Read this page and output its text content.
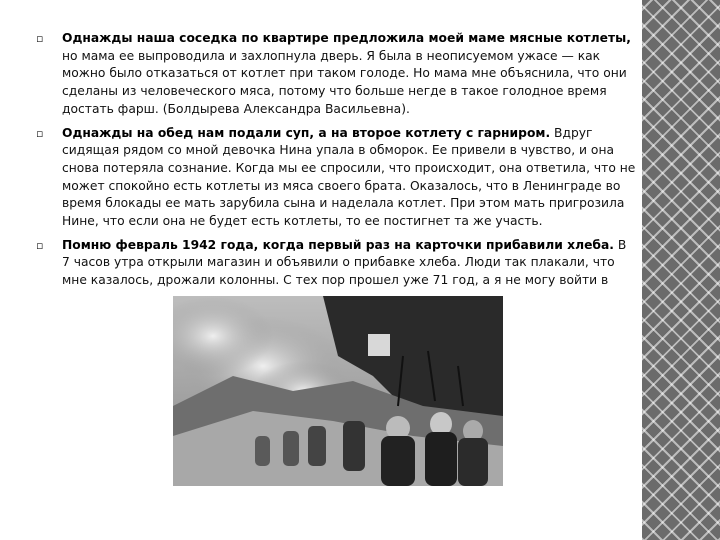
▫ Однажды наша соседка по квартире предложила моей маме мясные котлеты, но мама ее выпроводила и захлопнула дверь. Я была в неописуемом ужасе — как можно было отказаться от котлет при таком голоде. Но мама мне объяснила, что они сделаны из человеческого мяса, потому что больше негде в такое голодное время достать фарш. (Болдырева Александра Васильевна).
▫ Однажды на обед нам подали суп, а на второе котлету с гарниром. Вдруг сидящая рядом со мной девочка Нина упала в обморок. Ее привели в чувство, и она снова потеряла сознание. Когда мы ее спросили, что происходит, она ответила, что не может спокойно есть котлеты из мяса своего брата. Оказалось, что в Ленинграде во время блокады ее мать зарубила сына и наделала котлет. При этом мать пригрозила Нине, что если она не будет есть котлеты, то ее постигнет та же участь.
▫ Помню февраль 1942 года, когда первый раз на карточки прибавили хлеба. В 7 часов утра открыли магазин и объявили о прибавке хлеба. Люди так плакали, что мне казалось, дрожали колонны. С тех пор прошел уже 71 год, а я не могу войти в
